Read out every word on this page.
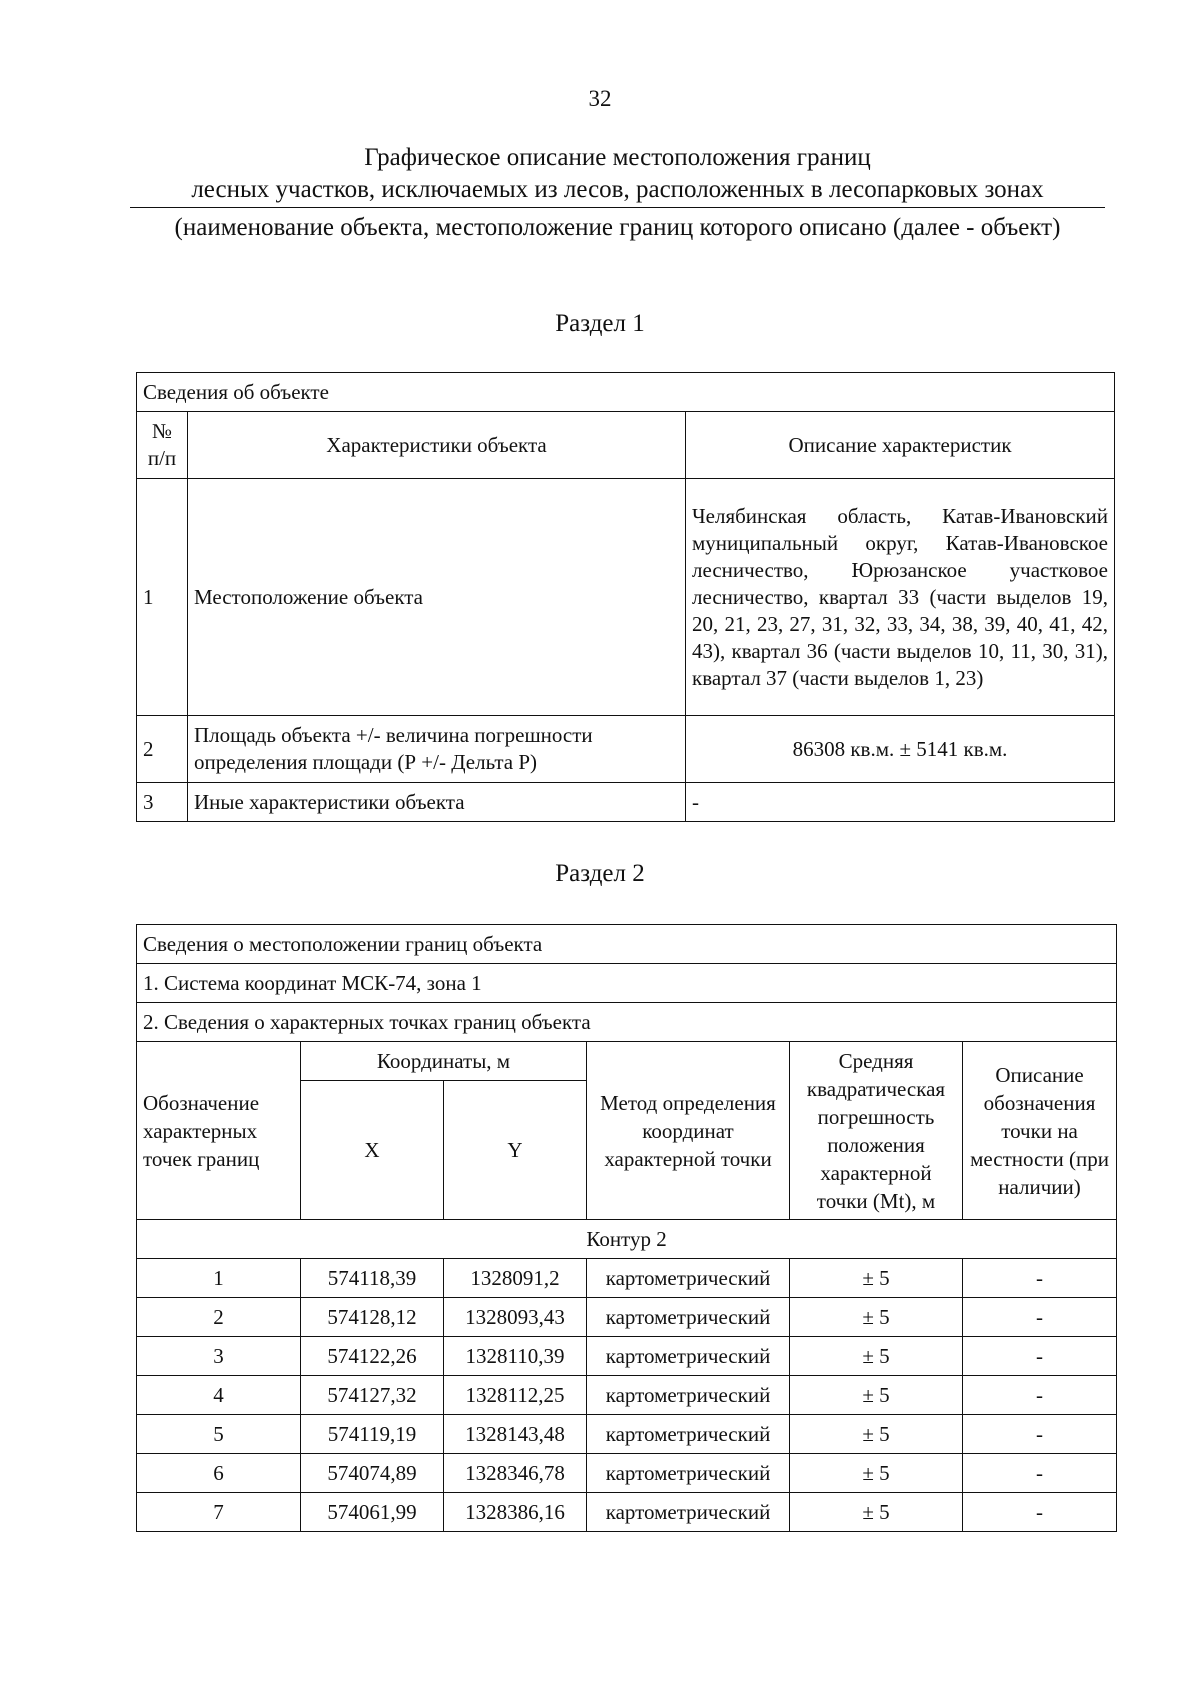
32
Графическое описание местоположения границ
лесных участков, исключаемых из лесов, расположенных в лесопарковых зонах
(наименование объекта, местоположение границ которого описано (далее - объект)
Раздел 1
Сведения об объекте		
№ п/п	Характеристики объекта	Описание характеристик
1	Местоположение объекта	Челябинская область, Катав-Ивановский муниципальный округ, Катав-Ивановское лесничество, Юрюзанское участковое лесничество, квартал 33 (части выделов 19, 20, 21, 23, 27, 31, 32, 33, 34, 38, 39, 40, 41, 42, 43), квартал 36 (части выделов 10, 11, 30, 31), квартал 37 (части выделов 1, 23)
2	Площадь объекта +/- величина погрешности определения площади (Р +/- Дельта Р)	86308 кв.м. ± 5141 кв.м.
3	Иные характеристики объекта	-
Раздел 2
Сведения о местоположении границ объекта					
1. Система координат МСК-74, зона 1					
2. Сведения о характерных точках границ объекта					
Обозначение характерных точек границ	Координаты, м		Метод определения координат характерной точки	Средняя квадратическая погрешность положения характерной точки (Мt), м	Описание обозначения точки на местности (при наличии)
	X	Y			
Контур 2					
1	574118,39	1328091,2	картометрический	± 5	-
2	574128,12	1328093,43	картометрический	± 5	-
3	574122,26	1328110,39	картометрический	± 5	-
4	574127,32	1328112,25	картометрический	± 5	-
5	574119,19	1328143,48	картометрический	± 5	-
6	574074,89	1328346,78	картометрический	± 5	-
7	574061,99	1328386,16	картометрический	± 5	-
